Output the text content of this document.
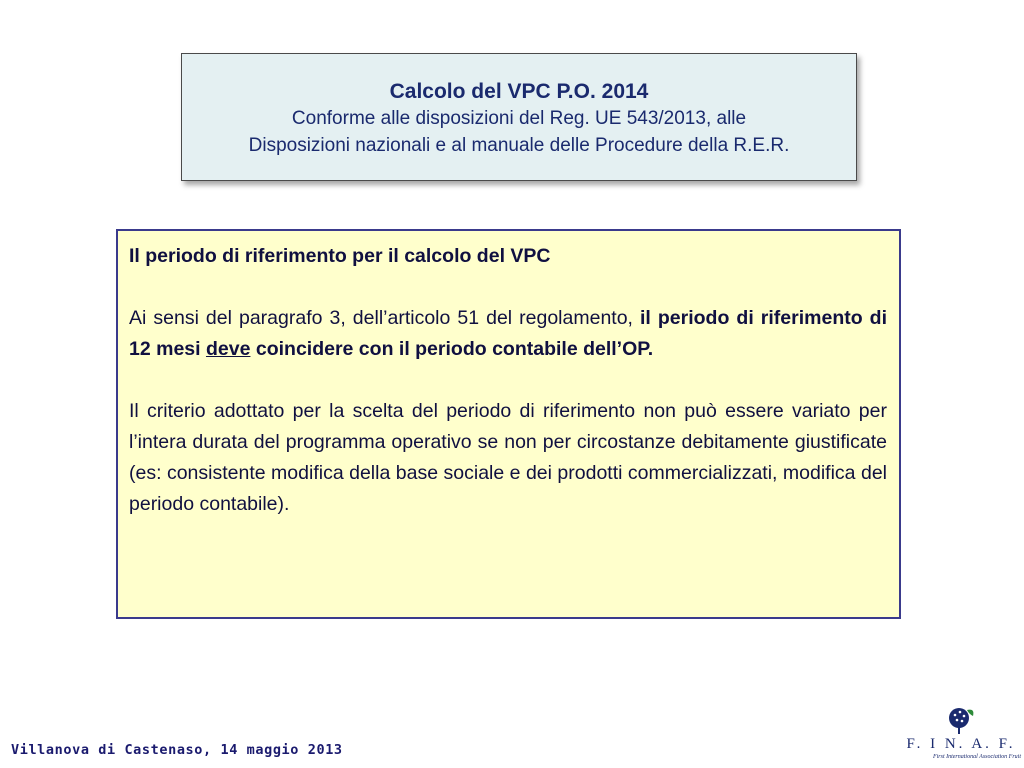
Calcolo del VPC P.O. 2014
Conforme alle disposizioni del Reg. UE 543/2013, alle
Disposizioni nazionali e al manuale delle Procedure della R.E.R.

Il periodo di riferimento per il calcolo del VPC

Ai sensi del paragrafo 3, dell’articolo 51 del regolamento, il periodo di riferimento di 12 mesi deve coincidere con il periodo contabile dell’OP.

Il criterio adottato per la scelta del periodo di riferimento non può essere variato per l’intera durata del programma operativo se non per circostanze debitamente giustificate (es: consistente modifica della base sociale e dei prodotti commercializzati, modifica del periodo contabile).

Villanova di Castenaso, 14 maggio 2013	F. I N. A. F.
First International Association Fruit
